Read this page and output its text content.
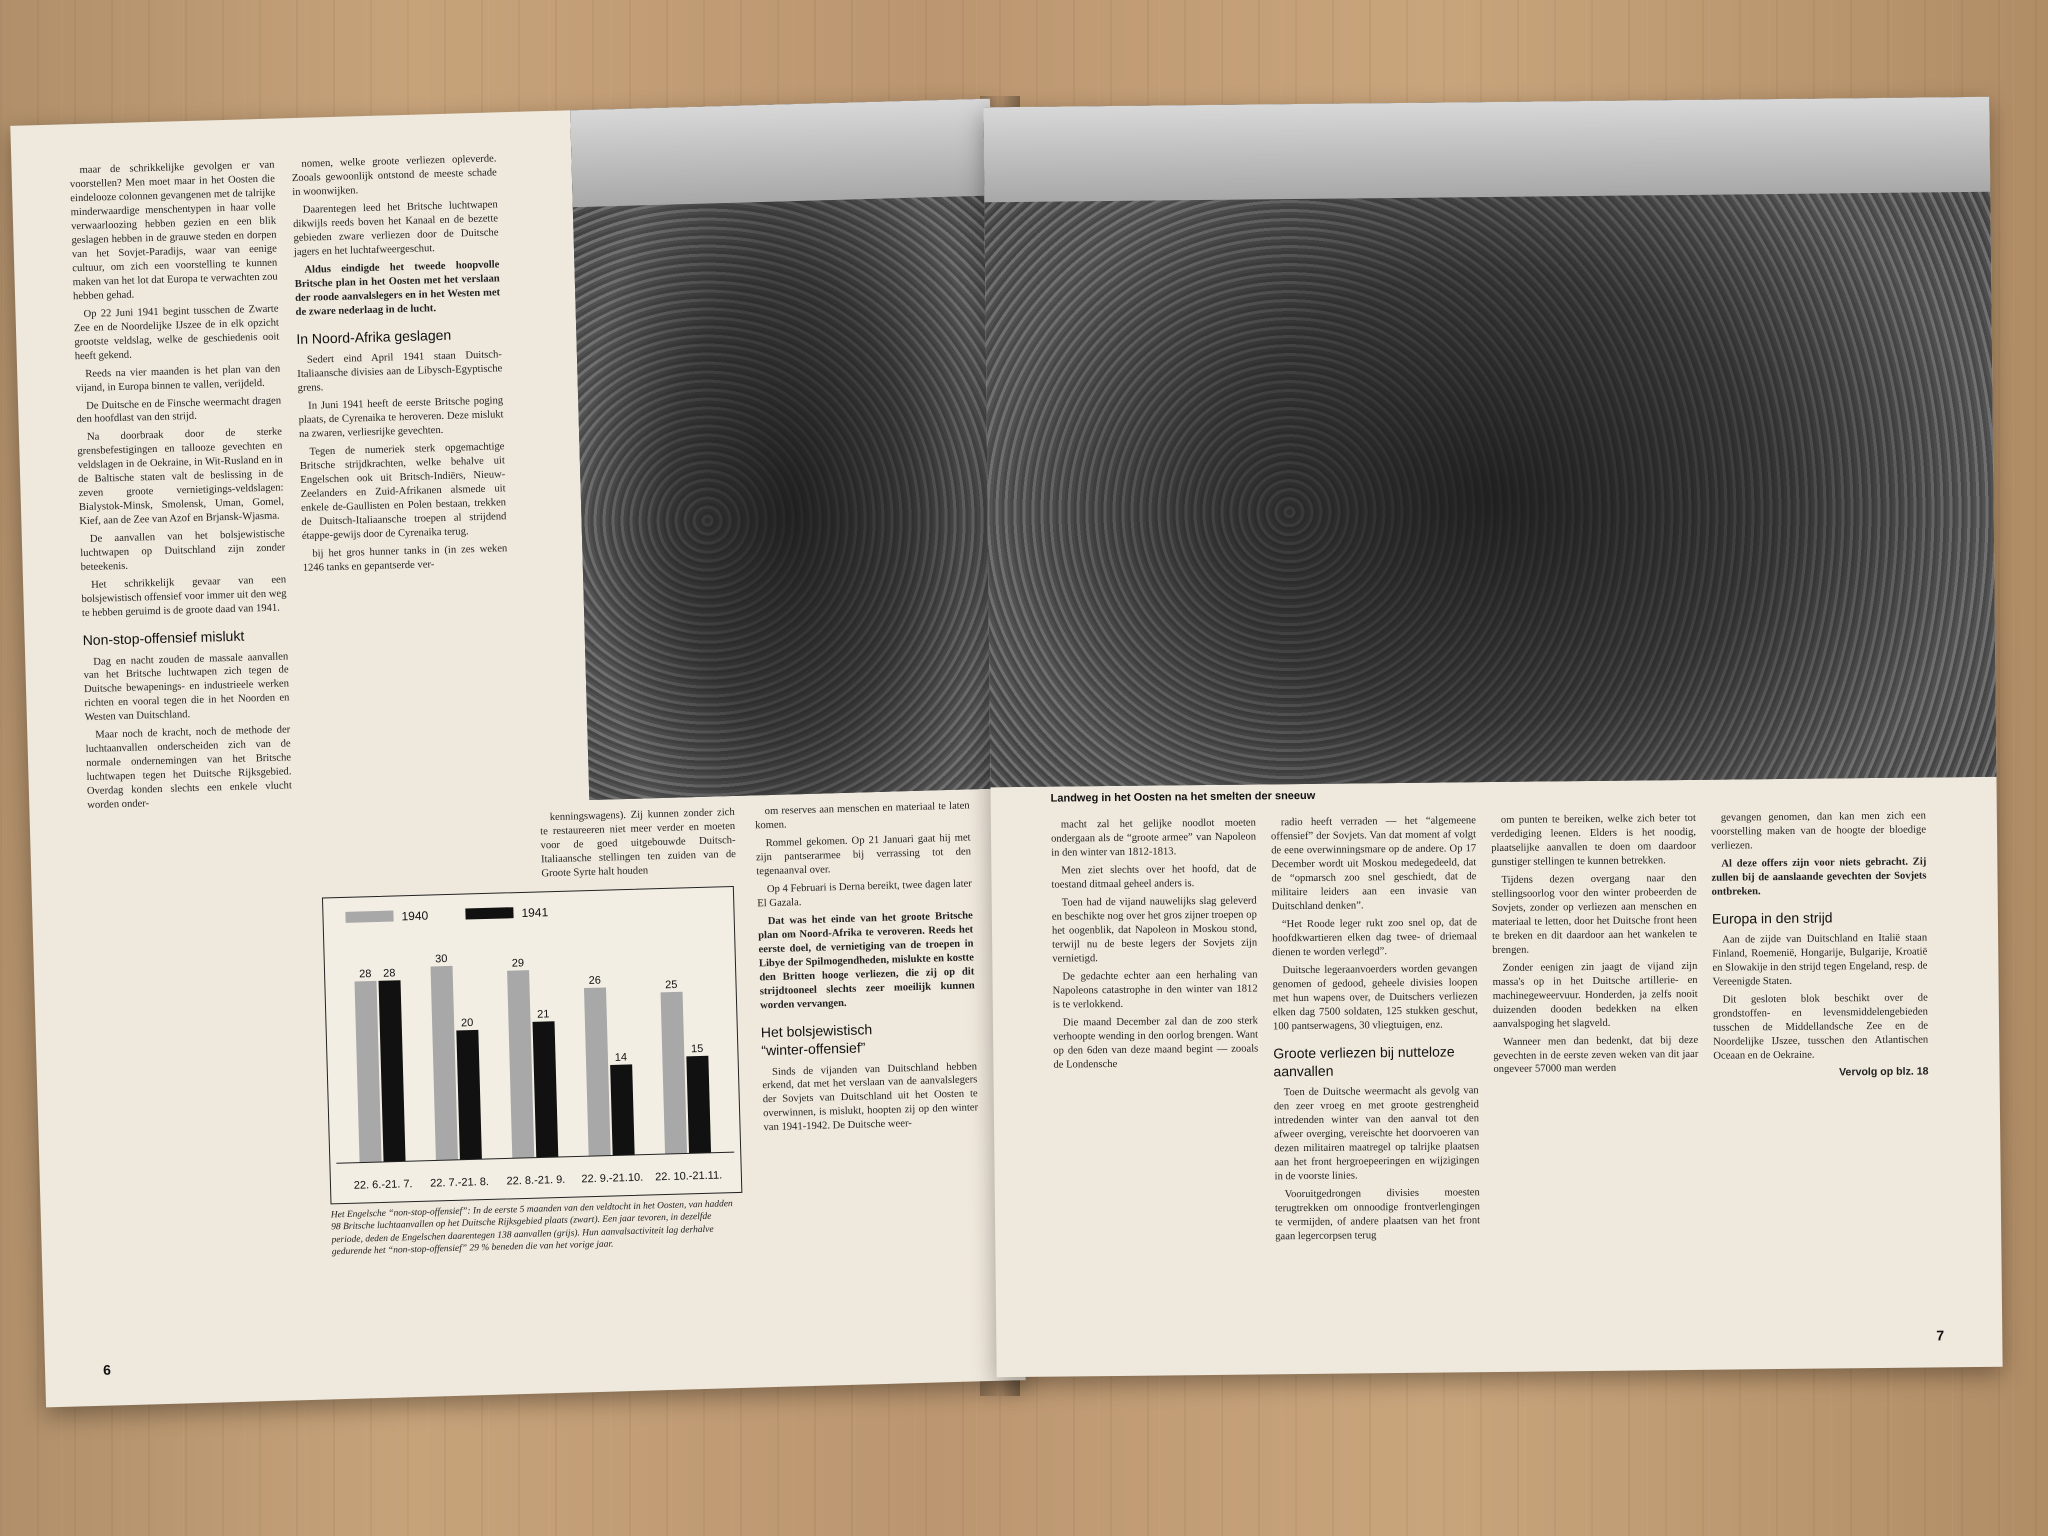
maar de schrikkelijke gevolgen er van voorstellen? Men moet maar in het Oosten die eindelooze colonnen gevangenen met de talrijke minderwaardige menschentypen in haar volle verwaarloozing hebben gezien en een blik geslagen hebben in de grauwe steden en dorpen van het Sovjet-Paradijs, waar van eenige cultuur, om zich een voorstelling te kunnen maken van het lot dat Europa te verwachten zou hebben gehad.

Op 22 Juni 1941 begint tusschen de Zwarte Zee en de Noordelijke IJszee de in elk opzicht grootste veldslag, welke de geschiedenis ooit heeft gekend.

Reeds na vier maanden is het plan van den vijand, in Europa binnen te vallen, verijdeld.

De Duitsche en de Finsche weermacht dragen den hoofdlast van den strijd.

Na doorbraak door de sterke grensbefestigingen en tallooze gevechten en veldslagen in de Oekraine, in Wit-Rusland en in de Baltische staten valt de beslissing in de zeven groote vernietigings-veldslagen: Bialystok-Minsk, Smolensk, Uman, Gomel, Kief, aan de Zee van Azof en Brjansk-Wjasma.

De aanvallen van het bolsjewistische luchtwapen op Duitschland zijn zonder beteekenis.

Het schrikkelijk gevaar van een bolsjewistisch offensief voor immer uit den weg te hebben geruimd is de groote daad van 1941.

Non-stop-offensief mislukt

Dag en nacht zouden de massale aanvallen van het Britsche luchtwapen zich tegen de Duitsche bewapenings- en industrieele werken richten en vooral tegen die in het Noorden en Westen van Duitschland.

Maar noch de kracht, noch de methode der luchtaanvallen onderscheiden zich van de normale ondernemingen van het Britsche luchtwapen tegen het Duitsche Rijksgebied. Overdag konden slechts een enkele vlucht worden onder-

nomen, welke groote verliezen opleverde. Zooals gewoonlijk ontstond de meeste schade in woonwijken.

Daarentegen leed het Britsche luchtwapen dikwijls reeds boven het Kanaal en de bezette gebieden zware verliezen door de Duitsche jagers en het luchtafweergeschut.

Aldus eindigde het tweede hoopvolle Britsche plan in het Oosten met het verslaan der roode aanvalslegers en in het Westen met de zware nederlaag in de lucht.

In Noord-Afrika geslagen

Sedert eind April 1941 staan Duitsch-Italiaansche divisies aan de Libysch-Egyptische grens.

In Juni 1941 heeft de eerste Britsche poging plaats, de Cyrenaika te heroveren. Deze mislukt na zwaren, verliesrijke gevechten.

Tegen de numeriek sterk opgemachtige Britsche strijdkrachten, welke behalve uit Engelschen ook uit Britsch-Indiërs, Nieuw-Zeelanders en Zuid-Afrikanen alsmede uit enkele de-Gaullisten en Polen bestaan, trekken de Duitsch-Italiaansche troepen al strijdend étappe-gewijs door de Cyrenaika terug.

bij het gros hunner tanks in (in zes weken 1246 tanks en gepantserde ver-

kenningswagens). Zij kunnen zonder zich te restaureeren niet meer verder en moeten voor de goed uitgebouwde Duitsch-Italiaansche stellingen ten zuiden van de Groote Syrte halt houden

om reserves aan menschen en materiaal te laten komen.

Rommel gekomen. Op 21 Januari gaat hij met zijn pantserarmee bij verrassing tot den tegenaanval over.

Op 4 Februari is Derna bereikt, twee dagen later El Gazala.

Dat was het einde van het groote Britsche plan om Noord-Afrika te veroveren. Reeds het eerste doel, de vernietiging van de troepen in Libye der Spilmogendheden, mislukte en kostte den Britten hooge verliezen, die zij op dit strijdtooneel slechts zeer moeilijk kunnen worden vervangen.

Het bolsjewistisch
“winter-offensief”

Sinds de vijanden van Duitschland hebben erkend, dat met het verslaan van de aanvalslegers der Sovjets van Duitschland uit het Oosten te overwinnen, is mislukt, hoopten zij op den winter van 1941-1942. De Duitsche weer-

1940	1941
28 28
22. 6.-21. 7.
30
20
22. 7.-21. 8.
29
21
22. 8.-21. 9.
26
14
22. 9.-21.10.
25
15
22. 10.-21.11.
Het Engelsche “non-stop-offensief”: In de eerste 5 maanden van den veldtocht in het Oosten, van hadden 98 Britsche luchtaanvallen op het Duitsche Rijksgebied plaats (zwart). Een jaar tevoren, in dezelfde periode, deden de Engelschen daarentegen 138 aanvallen (grijs). Hun aanvalsactiviteit lag derhalve gedurende het “non-stop-offensief” 29 % beneden die van het vorige jaar.
6
Landweg in het Oosten na het smelten der sneeuw

macht zal het gelijke noodlot moeten ondergaan als de “groote armee” van Napoleon in den winter van 1812-1813.

Men ziet slechts over het hoofd, dat de toestand ditmaal geheel anders is.

Toen had de vijand nauwelijks slag geleverd en beschikte nog over het gros zijner troepen op het oogenblik, dat Napoleon in Moskou stond, terwijl nu de beste legers der Sovjets zijn vernietigd.

De gedachte echter aan een herhaling van Napoleons catastrophe in den winter van 1812 is te verlokkend.

Die maand December zal dan de zoo sterk verhoopte wending in den oorlog brengen. Want op den 6den van deze maand begint — zooals de Londensche

radio heeft verraden — het “algemeene offensief” der Sovjets. Van dat moment af volgt de eene overwinningsmare op de andere. Op 17 December wordt uit Moskou medegedeeld, dat de “opmarsch zoo snel geschiedt, dat de militaire leiders aan een invasie van Duitschland denken”.

“Het Roode leger rukt zoo snel op, dat de hoofdkwartieren elken dag twee- of driemaal dienen te worden verlegd”.

Duitsche legeraanvoerders worden gevangen genomen of gedood, geheele divisies loopen met hun wapens over, de Duitschers verliezen elken dag 7500 soldaten, 125 stukken geschut, 100 pantserwagens, 30 vliegtuigen, enz.

Groote verliezen bij nutteloze
aanvallen

Toen de Duitsche weermacht als gevolg van den zeer vroeg en met groote gestrengheid intredenden winter van den aanval tot den afweer overging, vereischte het doorvoeren van dezen militairen maatregel op talrijke plaatsen aan het front hergroepeeringen en wijzigingen in de voorste linies.

Vooruitgedrongen divisies moesten terugtrekken om onnoodige frontverlengingen te vermijden, of andere plaatsen van het front gaan legercorpsen terug

om punten te bereiken, welke zich beter tot verdediging leenen. Elders is het noodig, plaatselijke aanvallen te doen om daardoor gunstiger stellingen te kunnen betrekken.

Tijdens dezen overgang naar den stellingsoorlog voor den winter probeerden de Sovjets, zonder op verliezen aan menschen en materiaal te letten, door het Duitsche front heen te breken en dit daardoor aan het wankelen te brengen.

Zonder eenigen zin jaagt de vijand zijn massa's op in het Duitsche artillerie- en machinegeweervuur. Honderden, ja zelfs nooit duizenden dooden bedekken na elken aanvalspoging het slagveld.

Wanneer men dan bedenkt, dat bij deze gevechten in de eerste zeven weken van dit jaar ongeveer 57000 man werden

gevangen genomen, dan kan men zich een voorstelling maken van de hoogte der bloedige verliezen.

Al deze offers zijn voor niets gebracht. Zij zullen bij de aanslaande gevechten der Sovjets ontbreken.

Europa in den strijd

Aan de zijde van Duitschland en Italië staan Finland, Roemenië, Hongarije, Bulgarije, Kroatië en Slowakije in den strijd tegen Engeland, resp. de Vereenigde Staten.

Dit gesloten blok beschikt over de grondstoffen- en levensmiddelengebieden tusschen de Middellandsche Zee en de Noordelijke IJszee, tusschen den Atlantischen Oceaan en de Oekraine.

Vervolg op blz. 18

7
